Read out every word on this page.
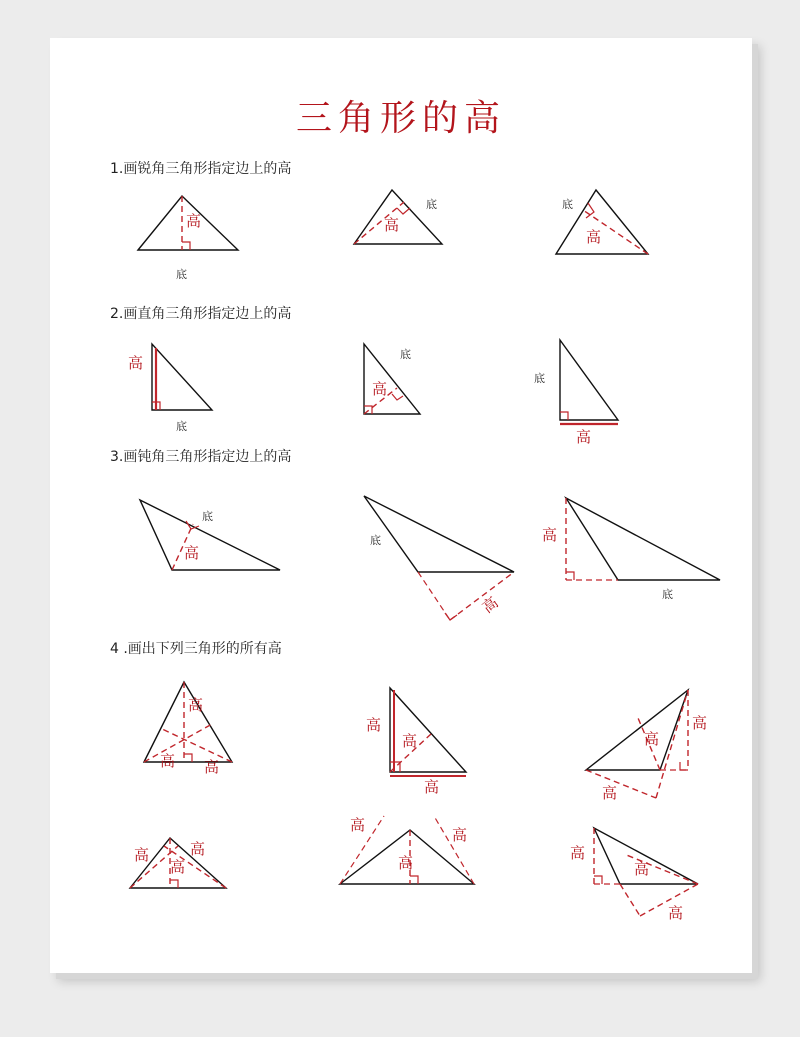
三角形的高
1.画锐角三角形指定边上的高
2.画直角三角形指定边上的高
3.画钝角三角形指定边上的高
4 .画出下列三角形的所有高
高
底
高
底
高
底
高
底
高
底
底
高
高
底
底
高
高
底
高
高 高
高
高
高
高
高
高
高	高
高
高
高
高
高
高
高
